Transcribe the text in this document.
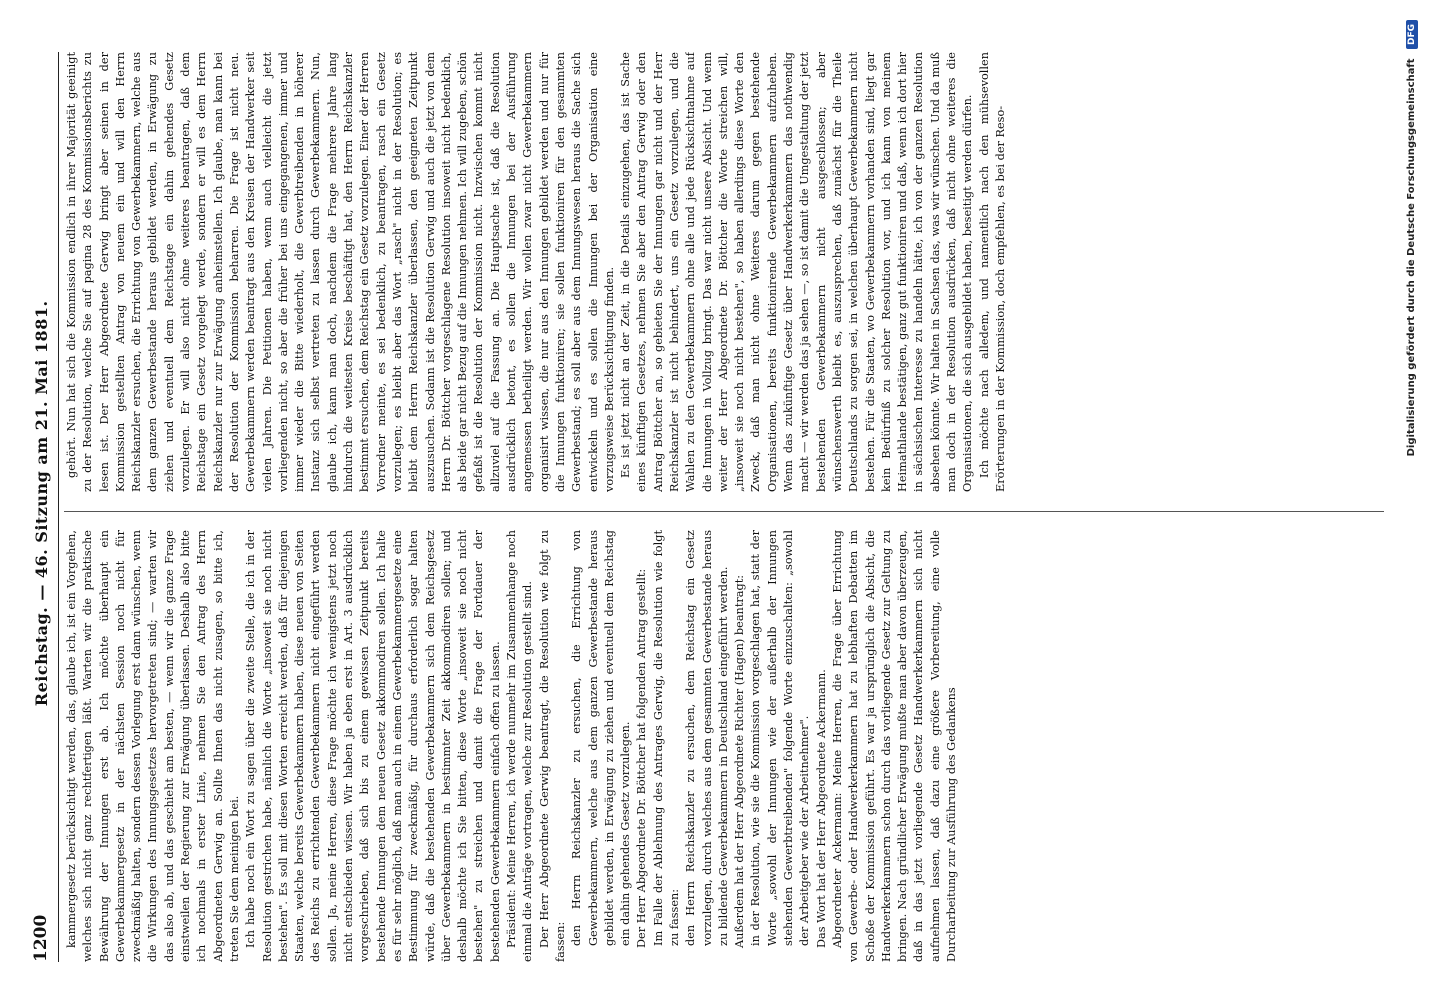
1200
Reichstag. — 46. Sitzung am 21. Mai 1881.

kammergesetz berücksichtigt werden, das, glaube ich, ist ein Vorgehen, welches sich nicht ganz rechtfertigen läßt. Warten wir die praktische Bewährung der Innungen erst ab. Ich möchte überhaupt ein Gewerbekammergesetz in der nächsten Session noch nicht für zweckmäßig halten, sondern dessen Vorlegung erst dann wünschen, wenn die Wirkungen des Innungsgesetzes hervorgetreten sind; — warten wir das also ab, und das geschieht am besten, — wenn wir die ganze Frage einstweilen der Regierung zur Erwägung überlassen. Deshalb also bitte ich nochmals in erster Linie, nehmen Sie den Antrag des Herrn Abgeordneten Gerwig an. Sollte Ihnen das nicht zusagen, so bitte ich, treten Sie dem meinigen bei. Ich habe noch ein Wort zu sagen über die zweite Stelle, die ich in der Resolution gestrichen habe, nämlich die Worte „insoweit sie noch nicht bestehen". Es soll mit diesen Worten erreicht werden, daß für diejenigen Staaten, welche bereits Gewerbekammern haben, diese neuen von Seiten des Reichs zu errichtenden Gewerbekammern nicht eingeführt werden sollen. Ja, meine Herren, diese Frage möchte ich wenigstens jetzt noch nicht entschieden wissen. Wir haben ja eben erst in Art. 3 ausdrücklich vorgeschrieben, daß sich bis zu einem gewissen Zeitpunkt bereits bestehende Innungen dem neuen Gesetz akkommodiren sollen. Ich halte es für sehr möglich, daß man auch in einem Gewerbekammergesetze eine Bestimmung für zweckmäßig, für durchaus erforderlich sogar halten würde, daß die bestehenden Gewerbekammern sich dem Reichsgesetz über Gewerbekammern in bestimmter Zeit akkommodiren sollen; und deshalb möchte ich Sie bitten, diese Worte „insoweit sie noch nicht bestehen" zu streichen und damit die Frage der Fortdauer der bestehenden Gewerbekammern einfach offen zu lassen. Präsident: Meine Herren, ich werde nunmehr im Zusammenhange noch einmal die Anträge vortragen, welche zur Resolution gestellt sind. Der Herr Abgeordnete Gerwig beantragt, die Resolution wie folgt zu fassen: den Herrn Reichskanzler zu ersuchen, die Errichtung von Gewerbekammern, welche aus dem ganzen Gewerbestande heraus gebildet werden, in Erwägung zu ziehen und eventuell dem Reichstag ein dahin gehendes Gesetz vorzulegen. Der Herr Abgeordnete Dr. Böttcher hat folgenden Antrag gestellt: Im Falle der Ablehnung des Antrages Gerwig, die Resolution wie folgt zu fassen: den Herrn Reichskanzler zu ersuchen, dem Reichstag ein Gesetz vorzulegen, durch welches aus dem gesammten Gewerbestande heraus zu bildende Gewerbekammern in Deutschland eingeführt werden. Außerdem hat der Herr Abgeordnete Richter (Hagen) beantragt: in der Resolution, wie sie die Kommission vorgeschlagen hat, statt der Worte „sowohl der Innungen wie der außerhalb der Innungen stehenden Gewerbtreibenden" folgende Worte einzuschalten: „sowohl der Arbeitgeber wie der Arbeitnehmer". Das Wort hat der Herr Abgeordnete Ackermann. Abgeordneter Ackermann: Meine Herren, die Frage über Errichtung von Gewerbe- oder Handwerkerkammern hat zu lebhaften Debatten im Schoße der Kommission geführt. Es war ja ursprünglich die Absicht, die Handwerkerkammern schon durch das vorliegende Gesetz zur Geltung zu bringen. Nach gründlicher Erwägung mußte man aber davon überzeugen, daß in das jetzt vorliegende Gesetz Handwerkerkammern sich nicht aufnehmen lassen, daß dazu eine größere Vorbereitung, eine volle Durcharbeitung zur Ausführung des Gedankens

gehört. Nun hat sich die Kommission endlich in ihrer Majorität geeinigt zu der Resolution, welche Sie auf pagina 28 des Kommissionsberichts zu lesen ist. Der Herr Abgeordnete Gerwig bringt aber seinen in der Kommission gestellten Antrag von neuem ein und will den Herrn Reichskanzler ersuchen, die Errichtung von Gewerbekammern, welche aus dem ganzen Gewerbestande heraus gebildet werden, in Erwägung zu ziehen und eventuell dem Reichstage ein dahin gehendes Gesetz vorzulegen. Er will also nicht ohne weiteres beantragen, daß dem Reichstage ein Gesetz vorgelegt werde, sondern er will es dem Herrn Reichskanzler nur zur Erwägung anheimstellen. Ich glaube, man kann bei der Resolution der Kommission beharren. Die Frage ist nicht neu. Gewerbekammern werden beantragt aus den Kreisen der Handwerker seit vielen Jahren. Die Petitionen haben, wenn auch vielleicht die jetzt vorliegenden nicht, so aber die früher bei uns eingegangenen, immer und immer wieder die Bitte wiederholt, die Gewerbtreibenden in höherer Instanz sich selbst vertreten zu lassen durch Gewerbekammern. Nun, glaube ich, kann man doch, nachdem die Frage mehrere Jahre lang hindurch die weitesten Kreise beschäftigt hat, den Herrn Reichskanzler bestimmt ersuchen, dem Reichstag ein Gesetz vorzulegen. Einer der Herren Vorredner meinte, es sei bedenklich, zu beantragen, rasch ein Gesetz vorzulegen; es bleibt aber das Wort „rasch" nicht in der Resolution; es bleibt dem Herrn Reichskanzler überlassen, den geeigneten Zeitpunkt auszusuchen. Sodann ist die Resolution Gerwig und auch die jetzt von dem Herrn Dr. Böttcher vorgeschlagene Resolution insoweit nicht bedenklich, als beide gar nicht Bezug auf die Innungen nehmen. Ich will zugeben, schön gefaßt ist die Resolution der Kommission nicht. Inzwischen kommt nicht allzuviel auf die Fassung an. Die Hauptsache ist, daß die Resolution ausdrücklich betont, es sollen die Innungen bei der Ausführung angemessen betheiligt werden. Wir wollen zwar nicht Gewerbekammern organisirt wissen, die nur aus den Innungen gebildet werden und nur für die Innungen funktioniren; sie sollen funktioniren für den gesammten Gewerbestand; es soll aber aus dem Innungswesen heraus die Sache sich entwickeln und es sollen die Innungen bei der Organisation eine vorzugsweise Berücksichtigung finden. Es ist jetzt nicht an der Zeit, in die Details einzugehen, das ist Sache eines künftigen Gesetzes, nehmen Sie aber den Antrag Gerwig oder den Antrag Böttcher an, so gebieten Sie der Innungen gar nicht und der Herr Reichskanzler ist nicht behindert, uns ein Gesetz vorzulegen, und die Wahlen zu den Gewerbekammern ohne alle und jede Rücksichtnahme auf die Innungen in Vollzug bringt. Das war nicht unsere Absicht. Und wenn weiter der Herr Abgeordnete Dr. Böttcher die Worte streichen will, „insoweit sie noch nicht bestehen", so haben allerdings diese Worte den Zweck, daß man nicht ohne Weiteres darum gegen bestehende Organisationen, bereits funktionirende Gewerbekammern aufzuheben. Wenn das zukünftige Gesetz über Handwerkerkammern das nothwendig macht — wir werden das ja sehen —, so ist damit die Umgestaltung der jetzt bestehenden Gewerbekammern nicht ausgeschlossen; aber wünschenswerth bleibt es, auszusprechen, daß zunächst für die Theile Deutschlands zu sorgen sei, in welchen überhaupt Gewerbekammern nicht bestehen. Für die Staaten, wo Gewerbekammern vorhanden sind, liegt gar kein Bedürfniß zu solcher Resolution vor, und ich kann von meinem Heimathlande bestätigen, ganz gut funktioniren und daß, wenn ich dort hier in sächsischen Interesse zu handeln hätte, ich von der ganzen Resolution absehen könnte. Wir halten in Sachsen das, was wir wünschen. Und da muß man doch in der Resolution ausdrücken, daß nicht ohne weiteres die Organisationen, die sich ausgebildet haben, beseitigt werden dürfen. Ich möchte nach alledem, und namentlich nach den mühsevollen Erörterungen in der Kommission, doch empfehlen, es bei der Reso-	Digitalisierung gefördert durch die Deutsche Forschungsgemeinschaft DFG
